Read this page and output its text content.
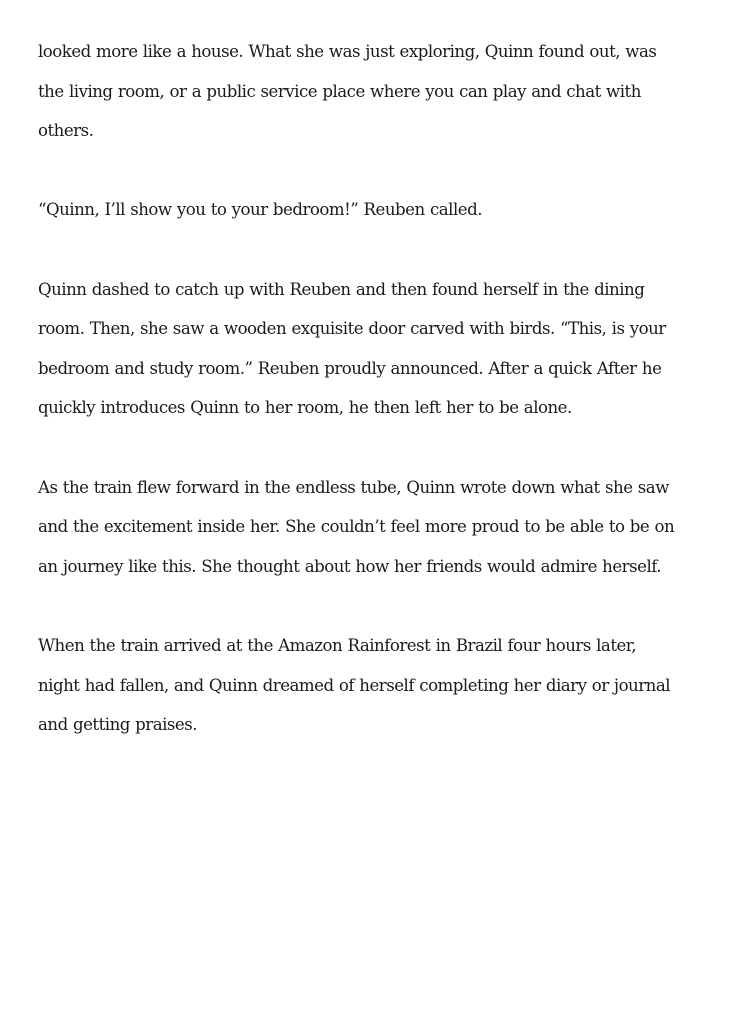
looked more like a house. What she was just exploring, Quinn found out, was
the living room, or a public service place where you can play and chat with
others.
“Quinn, I’ll show you to your bedroom!” Reuben called.
Quinn dashed to catch up with Reuben and then found herself in the dining
room. Then, she saw a wooden exquisite door carved with birds. “This, is your
bedroom and study room.” Reuben proudly announced. After a quick After he
quickly introduces Quinn to her room, he then left her to be alone.
As the train flew forward in the endless tube, Quinn wrote down what she saw
and the excitement inside her. She couldn’t feel more proud to be able to be on
an journey like this. She thought about how her friends would admire herself.
When the train arrived at the Amazon Rainforest in Brazil four hours later,
night had fallen, and Quinn dreamed of herself completing her diary or journal
and getting praises.
